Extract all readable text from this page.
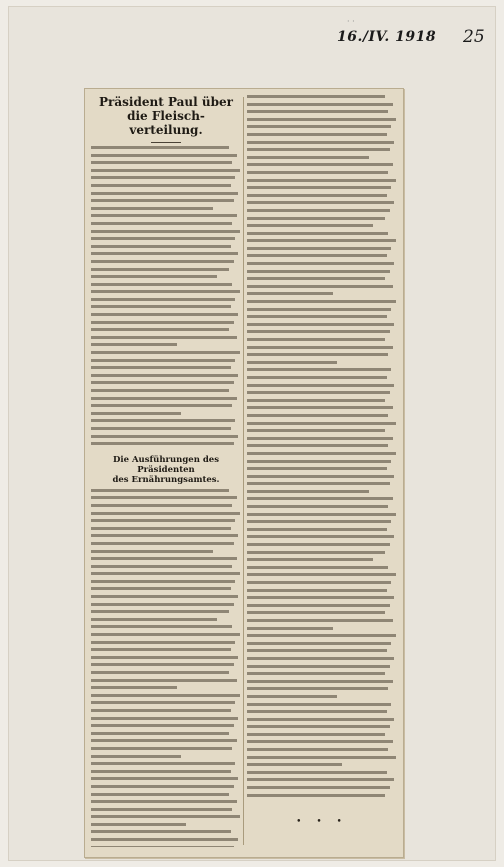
· ·
16./IV. 1918 25
Präsident Paul über die Fleisch-
verteilung.
Die Ausführungen des Präsidenten
des Ernährungsamtes.
• • •
